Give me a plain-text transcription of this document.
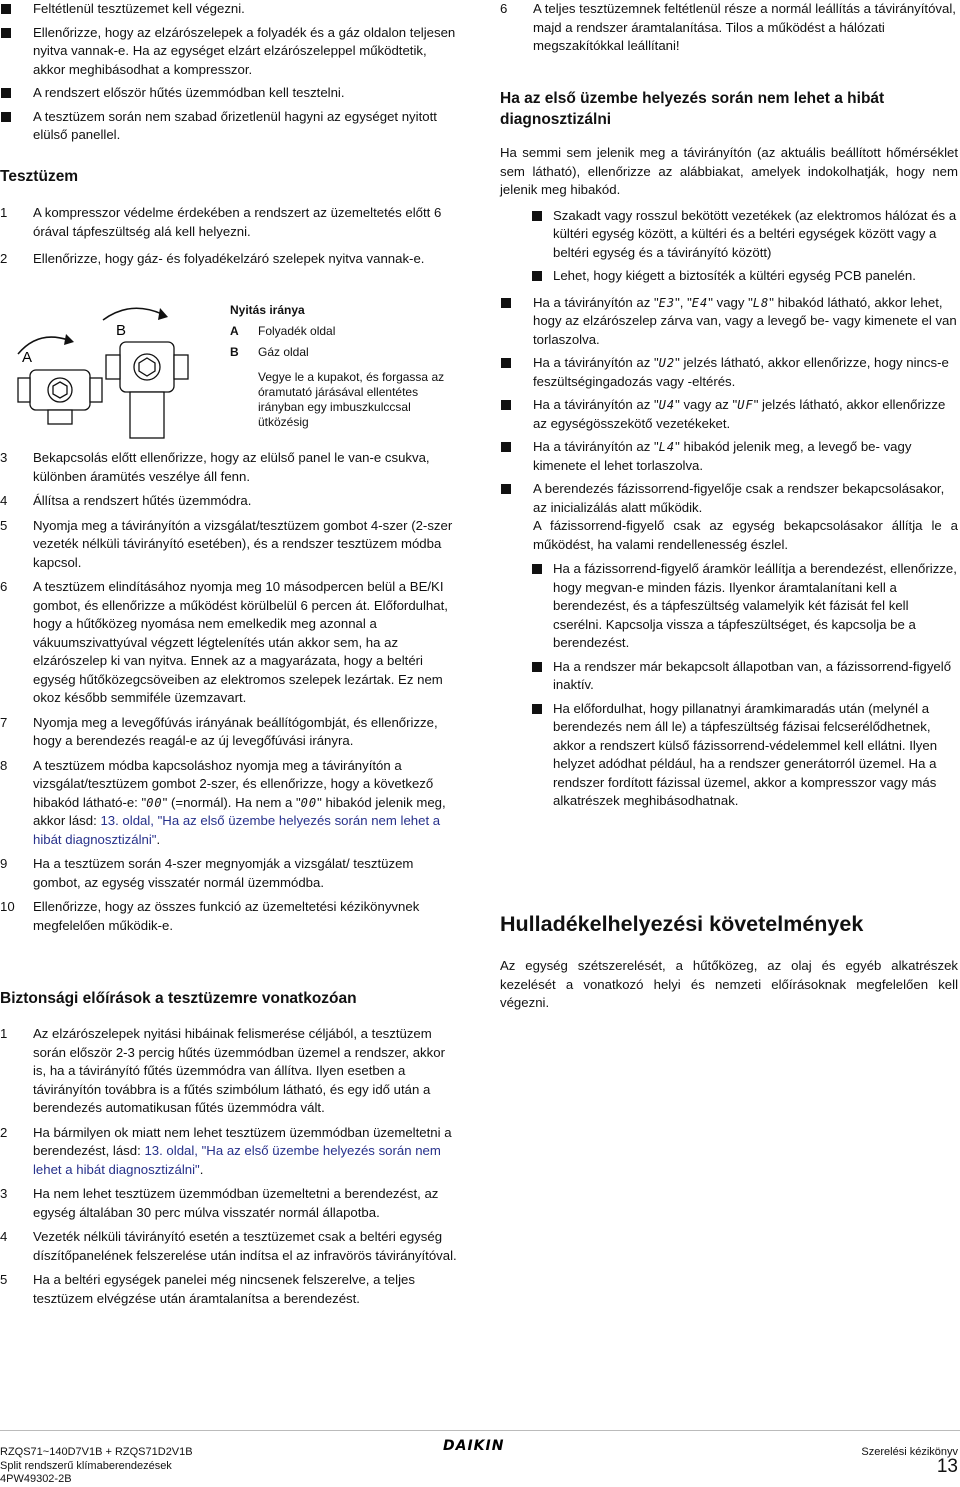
Feltétlenül tesztüzemet kell végezni.
Ellenőrizze, hogy az elzárószelepek a folyadék és a gáz oldalon teljesen nyitva vannak-e. Ha az egységet elzárt elzárószeleppel működtetik, akkor meghibásodhat a kompresszor.
A rendszert először hűtés üzemmódban kell tesztelni.
A tesztüzem során nem szabad őrizetlenül hagyni az egységet nyitott elülső panellel.
Tesztüzem
1 A kompresszor védelme érdekében a rendszert az üzemeltetés előtt 6 órával tápfeszültség alá kell helyezni.
2 Ellenőrizze, hogy gáz- és folyadékelzáró szelepek nyitva vannak-e.
A
B
Nyitás iránya
A Folyadék oldal
B Gáz oldal
Vegye le a kupakot, és forgassa az óramutató járásával ellentétes irányban egy imbuszkulccsal ütközésig
3 Bekapcsolás előtt ellenőrizze, hogy az elülső panel le van-e csukva, különben áramütés veszélye áll fenn.
4 Állítsa a rendszert hűtés üzemmódra.
5 Nyomja meg a távirányítón a vizsgálat/tesztüzem gombot 4-szer (2-szer vezeték nélküli távirányító esetében), és a rendszer tesztüzem módba kapcsol.
6 A tesztüzem elindításához nyomja meg 10 másodpercen belül a BE/KI gombot, és ellenőrizze a működést körülbelül 6 percen át. Előfordulhat, hogy a hűtőközeg nyomása nem emelkedik meg azonnal a vákuumszivattyúval végzett légtelenítés után akkor sem, ha az elzárószelep ki van nyitva. Ennek az a magyarázata, hogy a beltéri egység hűtőközegcsöveiben az elektromos szelepek lezártak. Ez nem okoz később semmiféle üzemzavart.
7 Nyomja meg a levegőfúvás irányának beállítógombját, és ellenőrizze, hogy a berendezés reagál-e az új levegőfúvási irányra.
8 A tesztüzem módba kapcsoláshoz nyomja meg a távirányítón a vizsgálat/tesztüzem gombot 2-szer, és ellenőrizze, hogy a következő hibakód látható-e: "00" (=normál). Ha nem a "00" hibakód jelenik meg, akkor lásd: 13. oldal, "Ha az első üzembe helyezés során nem lehet a hibát diagnosztizálni".
9 Ha a tesztüzem során 4-szer megnyomják a vizsgálat/ tesztüzem gombot, az egység visszatér normál üzemmódba.
10 Ellenőrizze, hogy az összes funkció az üzemeltetési kézikönyvnek megfelelően működik-e.
Biztonsági előírások a tesztüzemre vonatkozóan
1 Az elzárószelepek nyitási hibáinak felismerése céljából, a tesztüzem során először 2-3 percig hűtés üzemmódban üzemel a rendszer, akkor is, ha a távirányító fűtés üzemmódra van állítva. Ilyen esetben a távirányítón továbbra is a fűtés szimbólum látható, és egy idő után a berendezés automatikusan fűtés üzemmódra vált.
2 Ha bármilyen ok miatt nem lehet tesztüzem üzemmódban üzemeltetni a berendezést, lásd: 13. oldal, "Ha az első üzembe helyezés során nem lehet a hibát diagnosztizálni".
3 Ha nem lehet tesztüzem üzemmódban üzemeltetni a berendezést, az egység általában 30 perc múlva visszatér normál állapotba.
4 Vezeték nélküli távirányító esetén a tesztüzemet csak a beltéri egység díszítőpanelének felszerelése után indítsa el az infravörös távirányítóval.
5 Ha a beltéri egységek panelei még nincsenek felszerelve, a teljes tesztüzem elvégzése után áramtalanítsa a berendezést.
6 A teljes tesztüzemnek feltétlenül része a normál leállítás a távirányítóval, majd a rendszer áramtalanítása. Tilos a működést a hálózati megszakítókkal leállítani!
Ha az első üzembe helyezés során nem lehet a hibát diagnosztizálni

Ha semmi sem jelenik meg a távirányítón (az aktuális beállított hőmérséklet sem látható), ellenőrizze az alábbiakat, amelyek indokolhatják, hogy nem jelenik meg hibakód.

Szakadt vagy rosszul bekötött vezetékek (az elektromos hálózat és a kültéri egység között, a kültéri és a beltéri egységek között vagy a beltéri egység és a távirányító között)
Lehet, hogy kiégett a biztosíték a kültéri egység PCB panelén.
Ha a távirányítón az "E3", "E4" vagy "L8" hibakód látható, akkor lehet, hogy az elzárószelep zárva van, vagy a levegő be- vagy kimenete el van torlaszolva.
Ha a távirányítón az "U2" jelzés látható, akkor ellenőrizze, hogy nincs-e feszültségingadozás vagy -eltérés.
Ha a távirányítón az "U4" vagy az "UF" jelzés látható, akkor ellenőrizze az egységösszekötő vezetékeket.
Ha a távirányítón az "L4" hibakód jelenik meg, a levegő be- vagy kimenete el lehet torlaszolva.
A berendezés fázissorrend-figyelője csak a rendszer bekapcsolásakor, az inicializálás alatt működik.

A fázissorrend-figyelő csak az egység bekapcsolásakor állítja le a működést, ha valami rendellenesség észlel.

Ha a fázissorrend-figyelő áramkör leállítja a berendezést, ellenőrizze, hogy megvan-e minden fázis. Ilyenkor áramtalanítani kell a berendezést, és a tápfeszültség valamelyik két fázisát fel kell cserélni. Kapcsolja vissza a tápfeszültséget, és kapcsolja be a berendezést.
Ha a rendszer már bekapcsolt állapotban van, a fázissorrend-figyelő inaktív.
Ha előfordulhat, hogy pillanatnyi áramkimaradás után (melynél a berendezés nem áll le) a tápfeszültség fázisai felcserélődhetnek, akkor a rendszert külső fázissorrend-védelemmel kell ellátni. Ilyen helyzet adódhat például, ha a rendszer generátorról üzemel. Ha a rendszer fordított fázissal üzemel, akkor a kompresszor vagy más alkatrészek meghibásodhatnak.
Hulladékelhelyezési követelmények

Az egység szétszerelését, a hűtőközeg, az olaj és egyéb alkatrészek kezelését a vonatkozó helyi és nemzeti előírásoknak megfelelően kell végezni.

RZQS71~140D7V1B + RZQS71D2V1B
Split rendszerű klímaberendezések
4PW49302-2B
DAIKIN	Szerelési kézikönyv
13
